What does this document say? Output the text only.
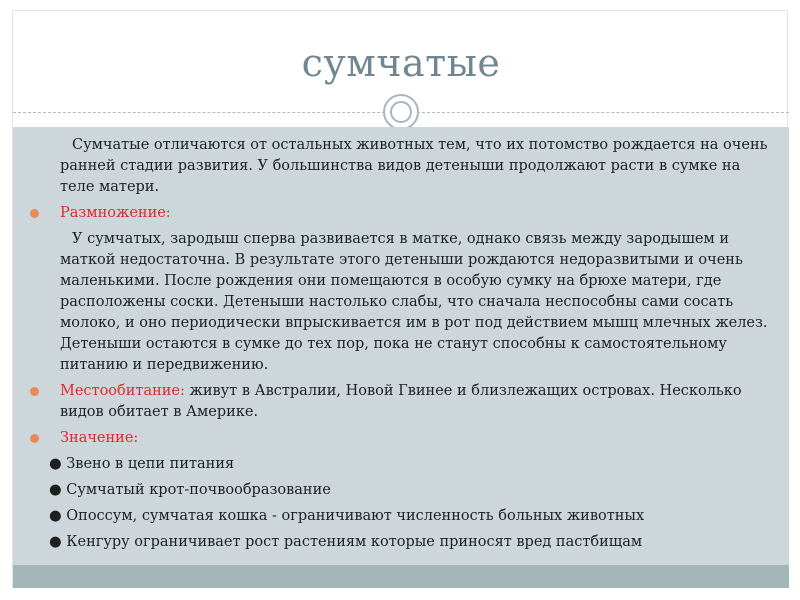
сумчатые

Сумчатые отличаются от остальных животных тем, что их потомство рождается на очень ранней стадии развития. У большинства видов детеныши продолжают расти в сумке на теле матери.

Размножение:

У сумчатых, зародыш сперва развивается в матке, однако связь между зародышем и маткой недостаточна. В результате этого детеныши рождаются недоразвитыми и очень маленькими. После рождения они помещаются в особую сумку на брюхе матери, где расположены соски. Детеныши настолько слабы, что сначала неспособны сами сосать молоко, и оно периодически впрыскивается им в рот под действием мышц млечных желез. Детеныши остаются в сумке до тех пор, пока не станут способны к самостоятельному питанию и передвижению.

Местообитание: живут в Австралии, Новой Гвинее и близлежащих островах. Несколько видов обитает в Америке.

Значение:

● Звено в цепи питания

● Сумчатый крот-почвообразование

● Опоссум, сумчатая кошка - ограничивают численность больных животных

● Кенгуру ограничивает рост растениям которые приносят вред пастбищам
